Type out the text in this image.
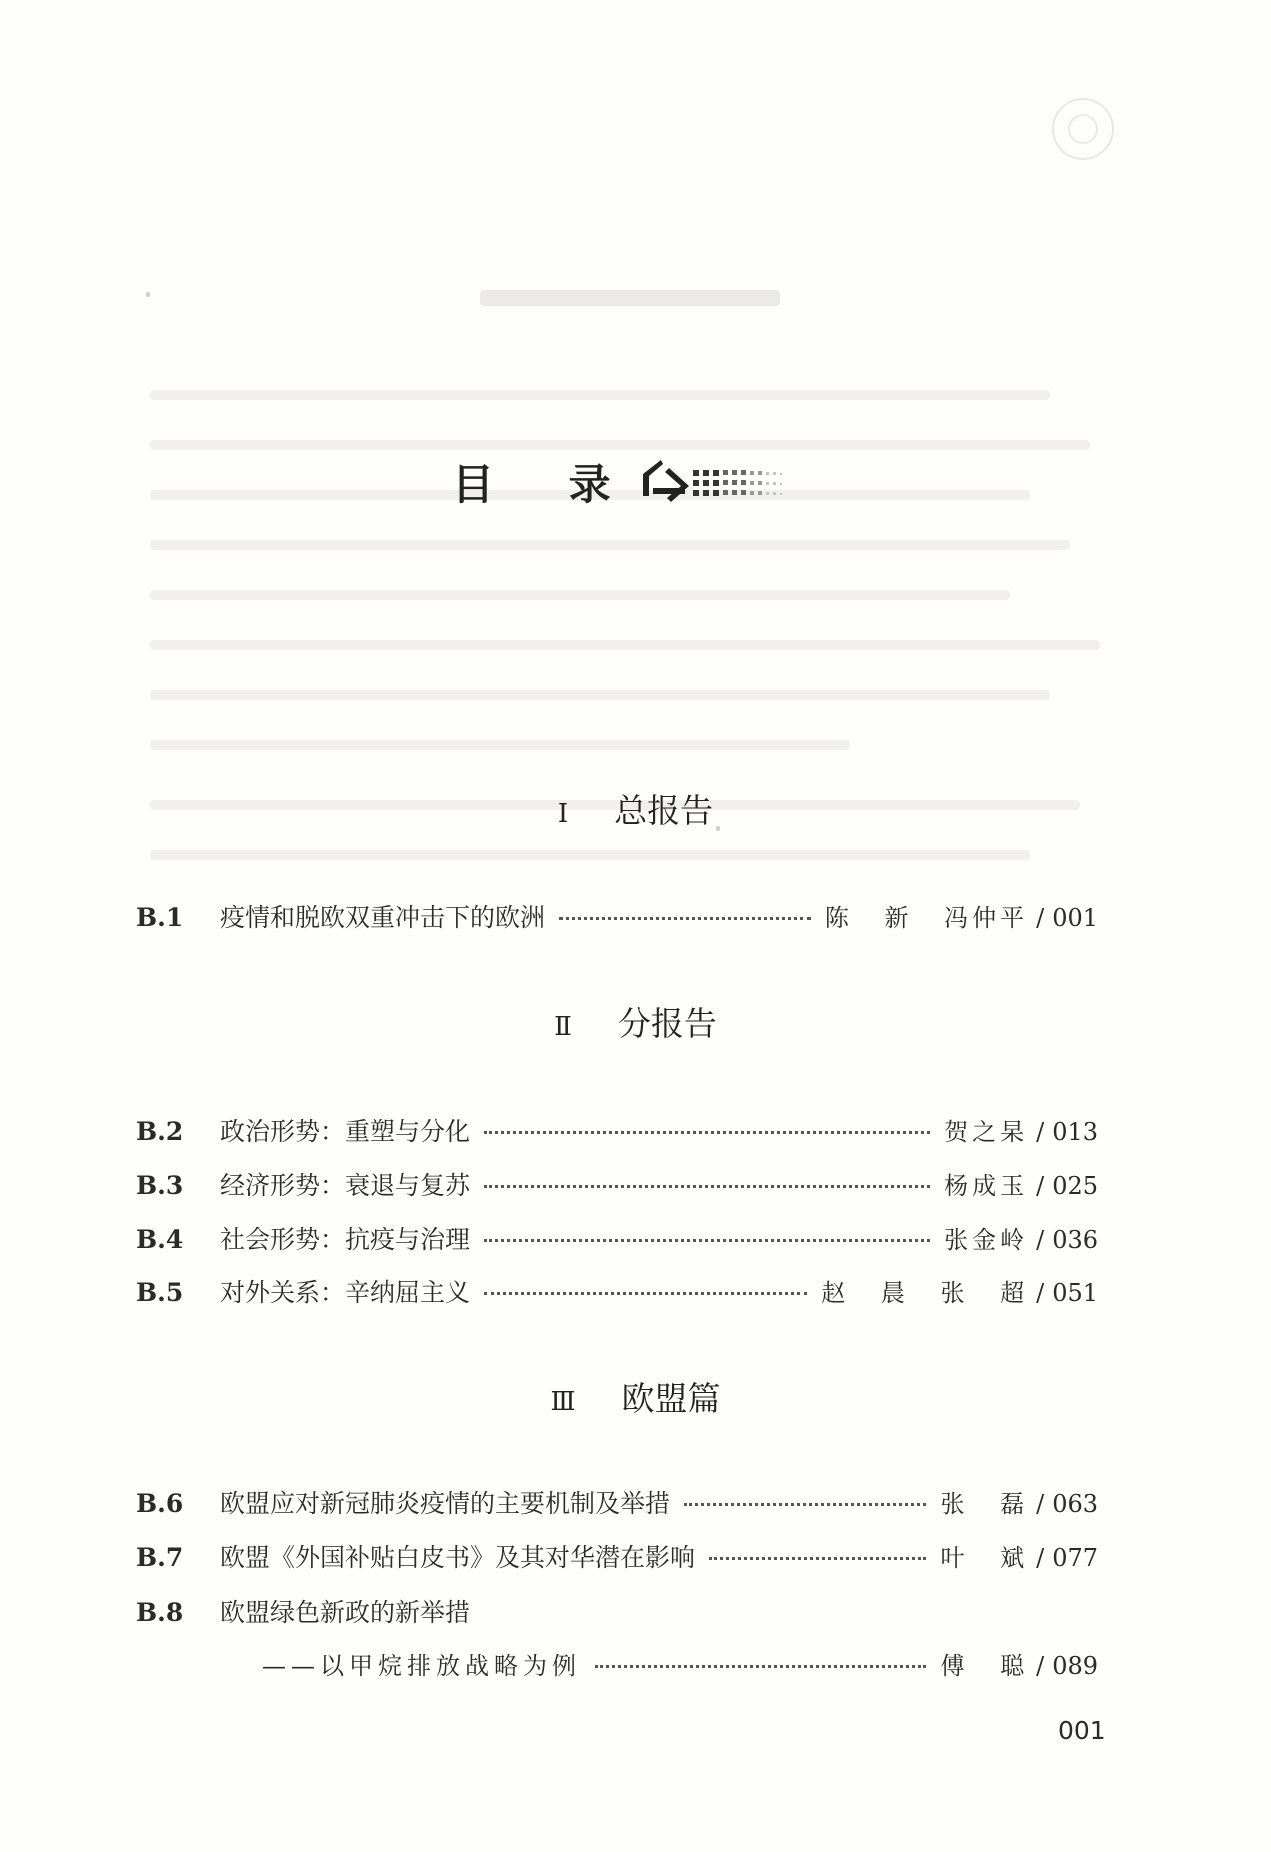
目 录
Ⅰ 总报告
B.1	疫情和脱欧双重冲击下的欧洲	陈 新 冯仲平 / 001
Ⅱ 分报告
B.2	政治形势：重塑与分化	贺之杲 / 013
B.3	经济形势：衰退与复苏	杨成玉 / 025
B.4	社会形势：抗疫与治理	张金岭 / 036
B.5	对外关系：辛纳屈主义	赵 晨 张 超 / 051
Ⅲ 欧盟篇
B.6	欧盟应对新冠肺炎疫情的主要机制及举措	张 磊 / 063
B.7	欧盟《外国补贴白皮书》及其对华潜在影响	叶 斌 / 077
B.8	欧盟绿色新政的新举措
——以甲烷排放战略为例	傅 聪 / 089
001
